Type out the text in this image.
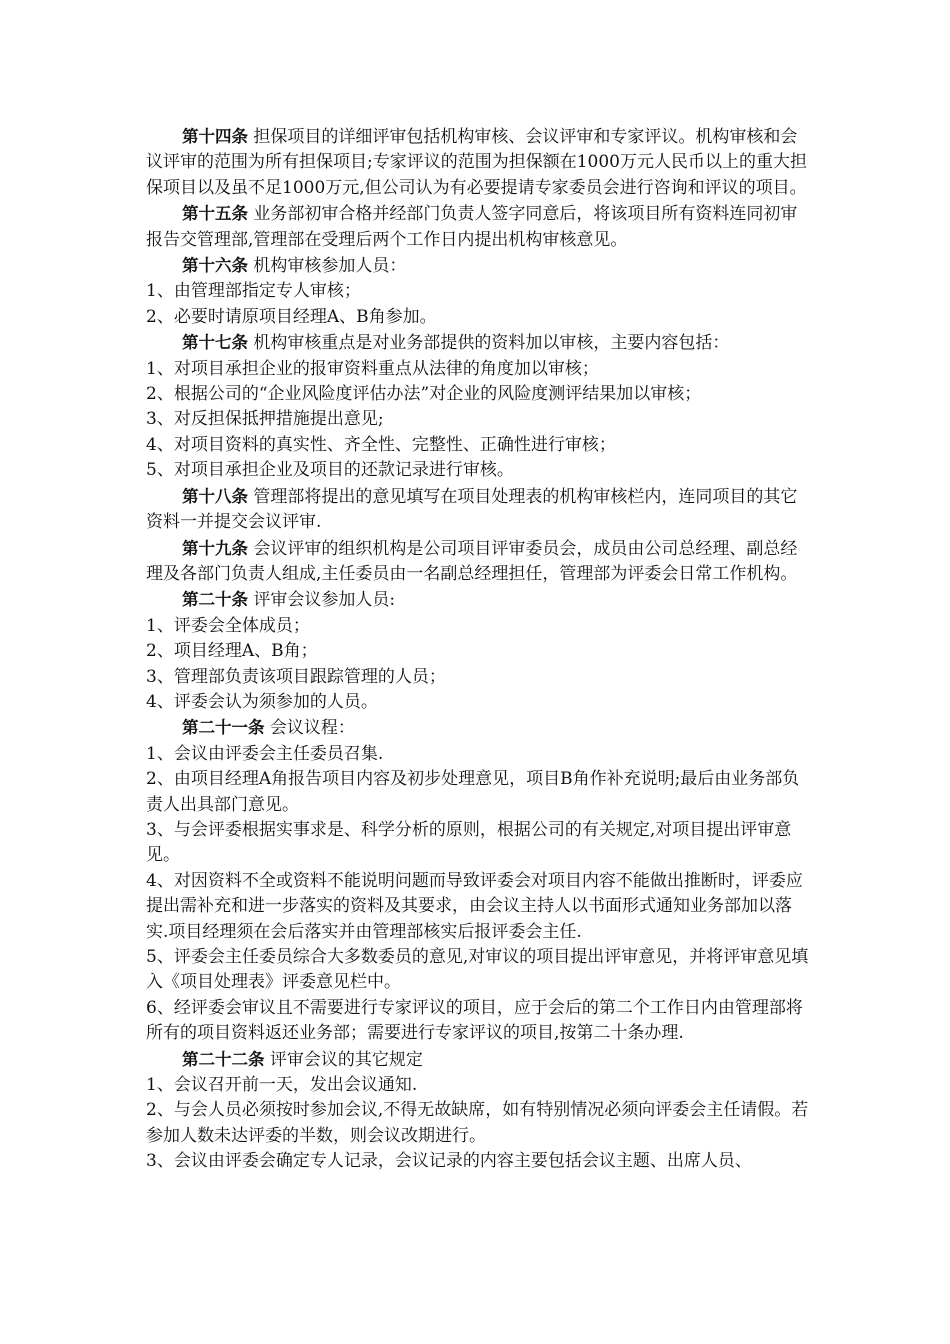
第十四条 担保项目的详细评审包括机构审核、会议评审和专家评议。机构审核和会议评审的范围为所有担保项目;专家评议的范围为担保额在1000万元人民币以上的重大担保项目以及虽不足1000万元,但公司认为有必要提请专家委员会进行咨询和评议的项目。

第十五条 业务部初审合格并经部门负责人签字同意后，将该项目所有资料连同初审报告交管理部,管理部在受理后两个工作日内提出机构审核意见。

第十六条 机构审核参加人员：

1、由管理部指定专人审核；

2、必要时请原项目经理A、B角参加。

第十七条 机构审核重点是对业务部提供的资料加以审核，主要内容包括：

1、对项目承担企业的报审资料重点从法律的角度加以审核；

2、根据公司的“企业风险度评估办法”对企业的风险度测评结果加以审核；

3、对反担保抵押措施提出意见;

4、对项目资料的真实性、齐全性、完整性、正确性进行审核；

5、对项目承担企业及项目的还款记录进行审核。

第十八条 管理部将提出的意见填写在项目处理表的机构审核栏内，连同项目的其它资料一并提交会议评审.

第十九条 会议评审的组织机构是公司项目评审委员会，成员由公司总经理、副总经理及各部门负责人组成,主任委员由一名副总经理担任，管理部为评委会日常工作机构。

第二十条 评审会议参加人员:

1、评委会全体成员；

2、项目经理A、B角；

3、管理部负责该项目跟踪管理的人员；

4、评委会认为须参加的人员。

第二十一条 会议议程：

1、会议由评委会主任委员召集.

2、由项目经理A角报告项目内容及初步处理意见，项目B角作补充说明;最后由业务部负责人出具部门意见。

3、与会评委根据实事求是、科学分析的原则，根据公司的有关规定,对项目提出评审意见。

4、对因资料不全或资料不能说明问题而导致评委会对项目内容不能做出推断时，评委应提出需补充和进一步落实的资料及其要求，由会议主持人以书面形式通知业务部加以落实.项目经理须在会后落实并由管理部核实后报评委会主任.

5、评委会主任委员综合大多数委员的意见,对审议的项目提出评审意见，并将评审意见填入《项目处理表》评委意见栏中。

6、经评委会审议且不需要进行专家评议的项目，应于会后的第二个工作日内由管理部将所有的项目资料返还业务部；需要进行专家评议的项目,按第二十条办理.

第二十二条 评审会议的其它规定

1、会议召开前一天，发出会议通知.

2、与会人员必须按时参加会议,不得无故缺席，如有特别情况必须向评委会主任请假。若参加人数未达评委的半数，则会议改期进行。

3、会议由评委会确定专人记录，会议记录的内容主要包括会议主题、出席人员、
